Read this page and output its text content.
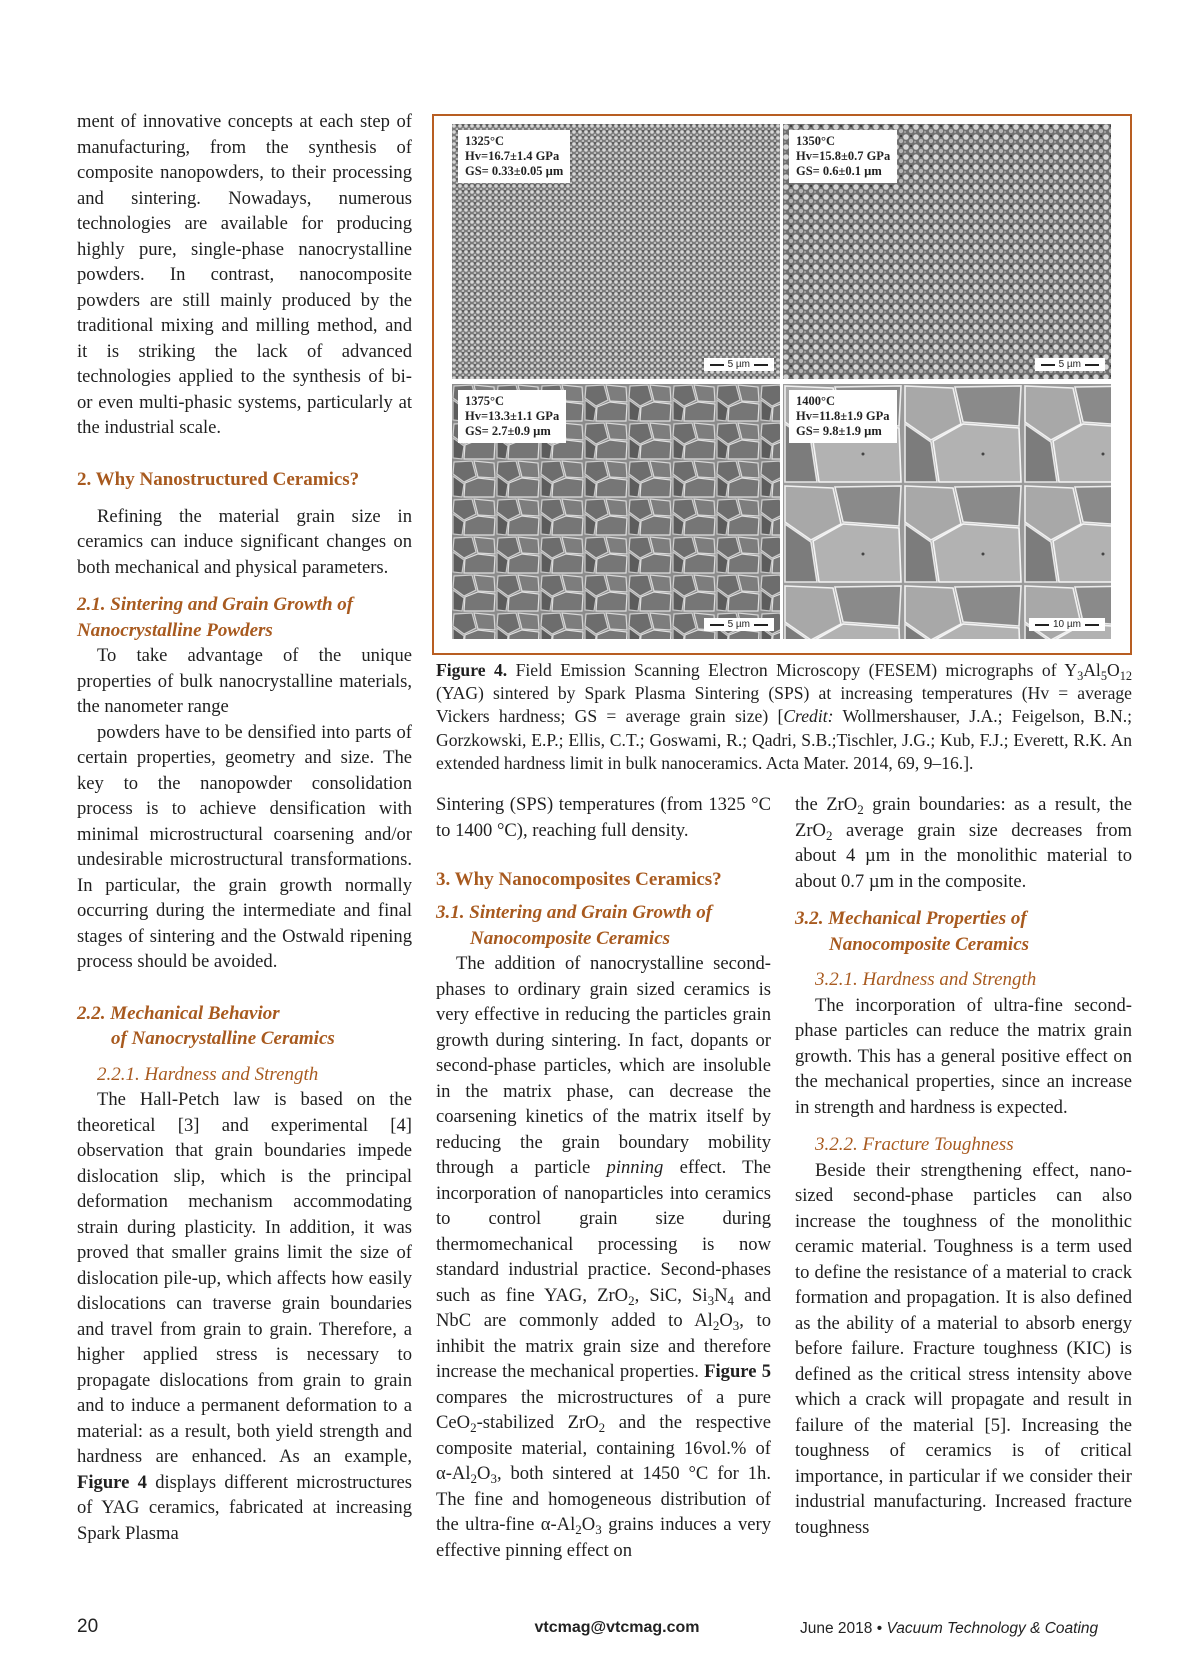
ment of innovative concepts at each step of manufacturing, from the synthesis of composite nanopowders, to their processing and sintering. Nowadays, numerous technologies are available for producing highly pure, single-phase nanocrystalline powders. In contrast, nanocomposite powders are still mainly produced by the traditional mixing and milling method, and it is striking the lack of advanced technologies applied to the synthesis of bi- or even multi-phasic systems, particularly at the industrial scale.

2. Why Nanostructured Ceramics?

Refining the material grain size in ceramics can induce significant changes on both mechanical and physical parameters.

2.1. Sintering and Grain Growth of
Nanocrystalline Powders

To take advantage of the unique properties of bulk nanocrystalline materials, the nanometer range

powders have to be densified into parts of certain properties, geometry and size. The key to the nanopowder consolidation process is to achieve densification with minimal microstructural coarsening and/or undesirable microstructural transformations. In particular, the grain growth normally occurring during the intermediate and final stages of sintering and the Ostwald ripening process should be avoided.

2.2. Mechanical Behavior
of Nanocrystalline Ceramics
2.2.1. Hardness and Strength

The Hall-Petch law is based on the theoretical [3] and experimental [4] observation that grain boundaries impede dislocation slip, which is the principal deformation mechanism accommodating strain during plasticity. In addition, it was proved that smaller grains limit the size of dislocation pile-up, which affects how easily dislocations can traverse grain boundaries and travel from grain to grain. Therefore, a higher applied stress is necessary to propagate dislocations from grain to grain and to induce a permanent deformation to a material: as a result, both yield strength and hardness are enhanced. As an example, Figure 4 displays different microstructures of YAG ceramics, fabricated at increasing Spark Plasma

1325°C
Hv=16.7±1.4 GPa
GS= 0.33±0.05 µm
5 µm
1350°C
Hv=15.8±0.7 GPa
GS= 0.6±0.1 µm
5 µm
1375°C
Hv=13.3±1.1 GPa
GS= 2.7±0.9 µm
5 µm
1400°C
Hv=11.8±1.9 GPa
GS= 9.8±1.9 µm
10 µm
Figure 4. Field Emission Scanning Electron Microscopy (FESEM) micrographs of $Y_3Al_5O_{12}$ (YAG) sintered by Spark Plasma Sintering (SPS) at increasing temperatures (Hv = average Vickers hardness; GS = average grain size) [Credit: Wollmershauser, J.A.; Feigelson, B.N.; Gorzkowski, E.P.; Ellis, C.T.; Goswami, R.; Qadri, S.B.;Tischler, J.G.; Kub, F.J.; Everett, R.K. An extended hardness limit in bulk nanoceramics. Acta Mater. 2014, 69, 9–16.].

Sintering (SPS) temperatures (from 1325 °C to 1400 °C), reaching full density.

3. Why Nanocomposites Ceramics?
3.1. Sintering and Grain Growth of
Nanocomposite Ceramics

The addition of nanocrystalline second-phases to ordinary grain sized ceramics is very effective in reducing the particles grain growth during sintering. In fact, dopants or second-phase particles, which are insoluble in the matrix phase, can decrease the coarsening kinetics of the matrix itself by reducing the grain boundary mobility through a particle pinning effect. The incorporation of nanoparticles into ceramics to control grain size during thermomechanical processing is now standard industrial practice. Second-phases such as fine YAG, ZrO$_2$, SiC, $Si_3N_4$ and NbC are commonly added to $Al_2O_3$, to inhibit the matrix grain size and therefore increase the mechanical properties. Figure 5 compares the microstructures of a pure CeO$_2$-stabilized ZrO$_2$ and the respective composite material, containing 16vol.% of $\alpha-Al_2O_3$, both sintered at 1450 °C for 1h. The fine and homogeneous distribution of the ultra-fine $\alpha-Al_2O_3$ grains induces a very effective pinning effect on

the ZrO$_2$ grain boundaries: as a result, the ZrO$_2$ average grain size decreases from about 4 µm in the monolithic material to about 0.7 µm in the composite.

3.2. Mechanical Properties of
Nanocomposite Ceramics
3.2.1. Hardness and Strength

The incorporation of ultra-fine second-phase particles can reduce the matrix grain growth. This has a general positive effect on the mechanical properties, since an increase in strength and hardness is expected.

3.2.2. Fracture Toughness

Beside their strengthening effect, nano-sized second-phase particles can also increase the toughness of the monolithic ceramic material. Toughness is a term used to define the resistance of a material to crack formation and propagation. It is also defined as the ability of a material to absorb energy before failure. Fracture toughness (KIC) is defined as the critical stress intensity above which a crack will propagate and result in failure of the material [5]. Increasing the toughness of ceramics is of critical importance, in particular if we consider their industrial manufacturing. Increased fracture toughness

20	vtcmag@vtcmag.com	June 2018 • Vacuum Technology & Coating
